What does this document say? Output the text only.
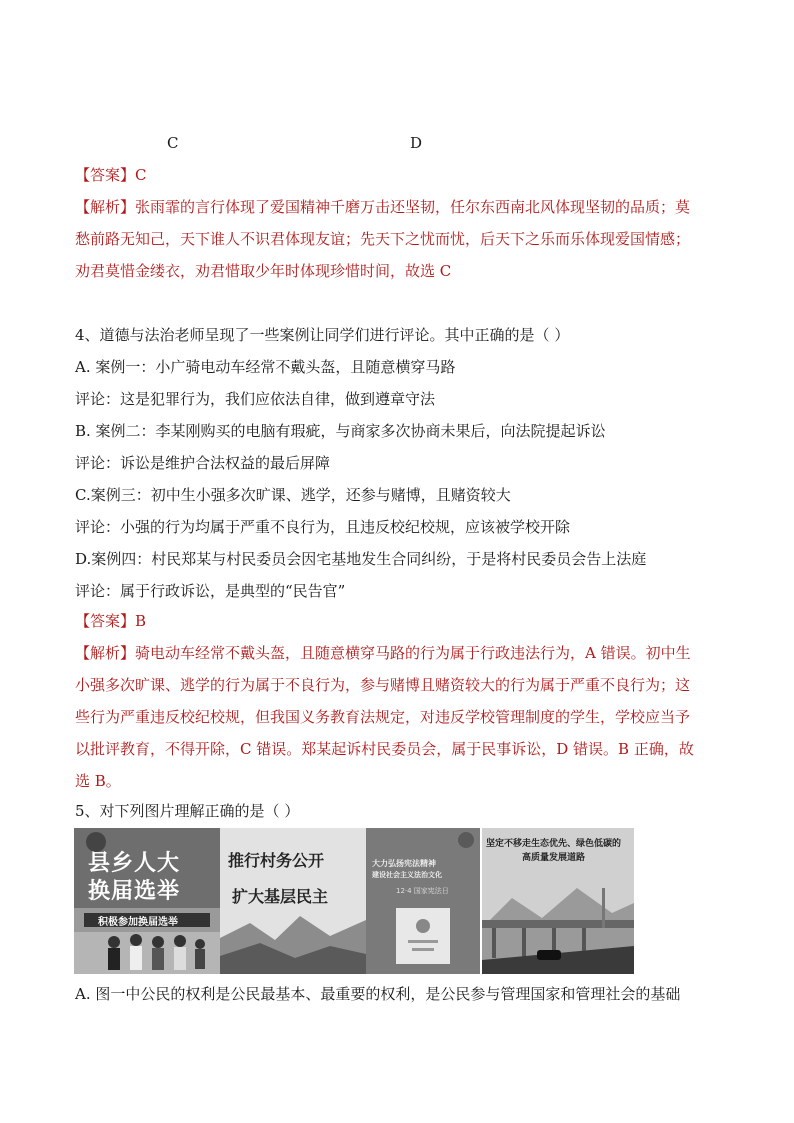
C	D
【答案】C
【解析】张雨霏的言行体现了爱国精神千磨万击还坚韧，任尔东西南北风体现坚韧的品质；莫
愁前路无知己，天下谁人不识君体现友谊；先天下之忧而忧，后天下之乐而乐体现爱国情感；
劝君莫惜金缕衣，劝君惜取少年时体现珍惜时间，故选 C
4、道德与法治老师呈现了一些案例让同学们进行评论。其中正确的是（ ）
A. 案例一：小广骑电动车经常不戴头盔，且随意横穿马路
评论：这是犯罪行为，我们应依法自律，做到遵章守法
B. 案例二：李某刚购买的电脑有瑕疵，与商家多次协商未果后，向法院提起诉讼
评论：诉讼是维护合法权益的最后屏障
C.案例三：初中生小强多次旷课、逃学，还参与赌博，且赌资较大
评论：小强的行为均属于严重不良行为，且违反校纪校规，应该被学校开除
D.案例四：村民郑某与村民委员会因宅基地发生合同纠纷，于是将村民委员会告上法庭
评论：属于行政诉讼，是典型的“民告官”
【答案】B
【解析】骑电动车经常不戴头盔，且随意横穿马路的行为属于行政违法行为，A 错误。初中生
小强多次旷课、逃学的行为属于不良行为，参与赌博且赌资较大的行为属于严重不良行为；这
些行为严重违反校纪校规，但我国义务教育法规定，对违反学校管理制度的学生，学校应当予
以批评教育，不得开除，C 错误。郑某起诉村民委员会，属于民事诉讼，D 错误。B 正确，故
选 B。
5、对下列图片理解正确的是（ ）
县乡人大
换届选举
积极参加换届选举
推行村务公开
扩大基层民主
大力弘扬宪法精神
建设社会主义法治文化
12·4 国家宪法日
坚定不移走生态优先、绿色低碳的
高质量发展道路
A. 图一中公民的权利是公民最基本、最重要的权利，是公民参与管理国家和管理社会的基础
